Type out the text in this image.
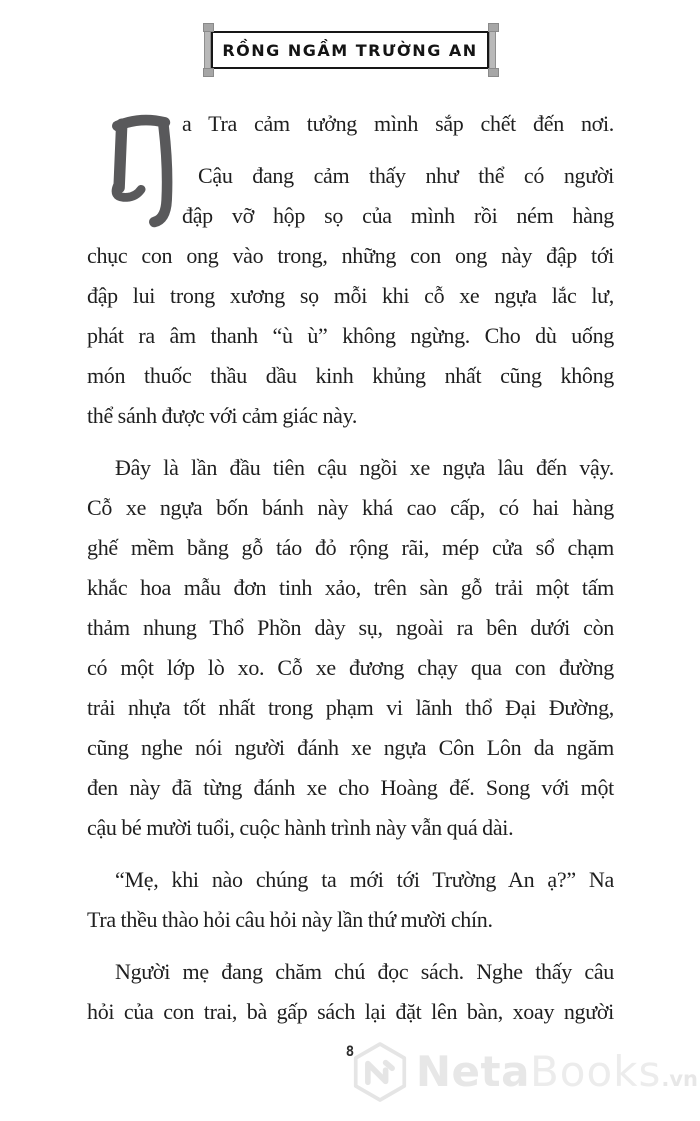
RỒNG NGẦM TRƯỜNG AN
a Tra cảm tưởng mình sắp chết đến nơi.
Cậu đang cảm thấy như thể có người
đập vỡ hộp sọ của mình rồi ném hàng
chục con ong vào trong, những con ong này đập tới
đập lui trong xương sọ mỗi khi cỗ xe ngựa lắc lư,
phát ra âm thanh “ù ù” không ngừng. Cho dù uống
món thuốc thầu dầu kinh khủng nhất cũng không
thể sánh được với cảm giác này.
Đây là lần đầu tiên cậu ngồi xe ngựa lâu đến vậy.
Cỗ xe ngựa bốn bánh này khá cao cấp, có hai hàng
ghế mềm bằng gỗ táo đỏ rộng rãi, mép cửa sổ chạm
khắc hoa mẫu đơn tinh xảo, trên sàn gỗ trải một tấm
thảm nhung Thổ Phồn dày sụ, ngoài ra bên dưới còn
có một lớp lò xo. Cỗ xe đương chạy qua con đường
trải nhựa tốt nhất trong phạm vi lãnh thổ Đại Đường,
cũng nghe nói người đánh xe ngựa Côn Lôn da ngăm
đen này đã từng đánh xe cho Hoàng đế. Song với một
cậu bé mười tuổi, cuộc hành trình này vẫn quá dài.
“Mẹ, khi nào chúng ta mới tới Trường An ạ?” Na
Tra thều thào hỏi câu hỏi này lần thứ mười chín.
Người mẹ đang chăm chú đọc sách. Nghe thấy câu
hỏi của con trai, bà gấp sách lại đặt lên bàn, xoay người
8	NetaBooks.vn
